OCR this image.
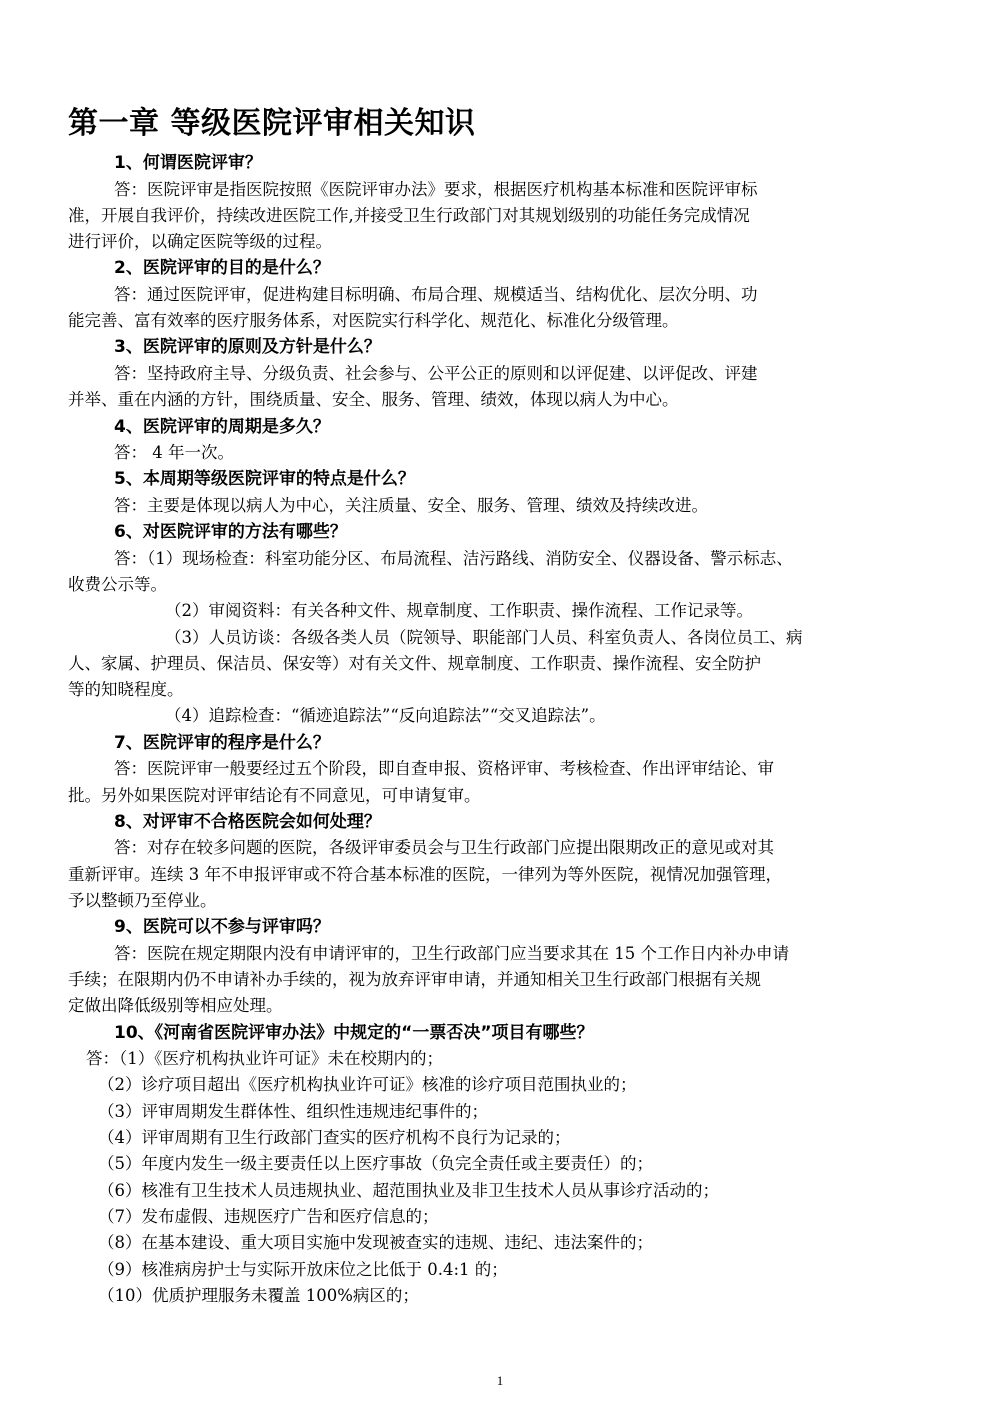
第一章 等级医院评审相关知识
1、何谓医院评审？
答：医院评审是指医院按照《医院评审办法》要求，根据医疗机构基本标准和医院评审标
准，开展自我评价，持续改进医院工作,并接受卫生行政部门对其规划级别的功能任务完成情况
进行评价，以确定医院等级的过程。
2、医院评审的目的是什么？
答：通过医院评审，促进构建目标明确、布局合理、规模适当、结构优化、层次分明、功
能完善、富有效率的医疗服务体系，对医院实行科学化、规范化、标准化分级管理。
3、医院评审的原则及方针是什么？
答：坚持政府主导、分级负责、社会参与、公平公正的原则和以评促建、以评促改、评建
并举、重在内涵的方针，围绕质量、安全、服务、管理、绩效，体现以病人为中心。
4、医院评审的周期是多久？
答： 4 年一次。
5、本周期等级医院评审的特点是什么？
答：主要是体现以病人为中心，关注质量、安全、服务、管理、绩效及持续改进。
6、对医院评审的方法有哪些？
答：（1）现场检查：科室功能分区、布局流程、洁污路线、消防安全、仪器设备、警示标志、
收费公示等。
（2）审阅资料：有关各种文件、规章制度、工作职责、操作流程、工作记录等。
（3）人员访谈：各级各类人员（院领导、职能部门人员、科室负责人、各岗位员工、病
人、家属、护理员、保洁员、保安等）对有关文件、规章制度、工作职责、操作流程、安全防护
等的知晓程度。
（4）追踪检查：“循迹追踪法”“反向追踪法”“交叉追踪法”。
7、医院评审的程序是什么？
答：医院评审一般要经过五个阶段，即自查申报、资格评审、考核检查、作出评审结论、审
批。另外如果医院对评审结论有不同意见，可申请复审。
8、对评审不合格医院会如何处理？
答：对存在较多问题的医院，各级评审委员会与卫生行政部门应提出限期改正的意见或对其
重新评审。连续 3 年不申报评审或不符合基本标准的医院，一律列为等外医院，视情况加强管理，
予以整顿乃至停业。
9、医院可以不参与评审吗？
答：医院在规定期限内没有申请评审的，卫生行政部门应当要求其在 15 个工作日内补办申请
手续；在限期内仍不申请补办手续的，视为放弃评审申请，并通知相关卫生行政部门根据有关规
定做出降低级别等相应处理。
10、《河南省医院评审办法》中规定的“一票否决”项目有哪些？
答：（1）《医疗机构执业许可证》未在校期内的；
（2）诊疗项目超出《医疗机构执业许可证》核准的诊疗项目范围执业的；
（3）评审周期发生群体性、组织性违规违纪事件的；
（4）评审周期有卫生行政部门查实的医疗机构不良行为记录的；
（5）年度内发生一级主要责任以上医疗事故（负完全责任或主要责任）的；
（6）核准有卫生技术人员违规执业、超范围执业及非卫生技术人员从事诊疗活动的；
（7）发布虚假、违规医疗广告和医疗信息的；
（8）在基本建设、重大项目实施中发现被查实的违规、违纪、违法案件的；
（9）核准病房护士与实际开放床位之比低于 0.4:1 的；
（10）优质护理服务未覆盖 100%病区的；
1
